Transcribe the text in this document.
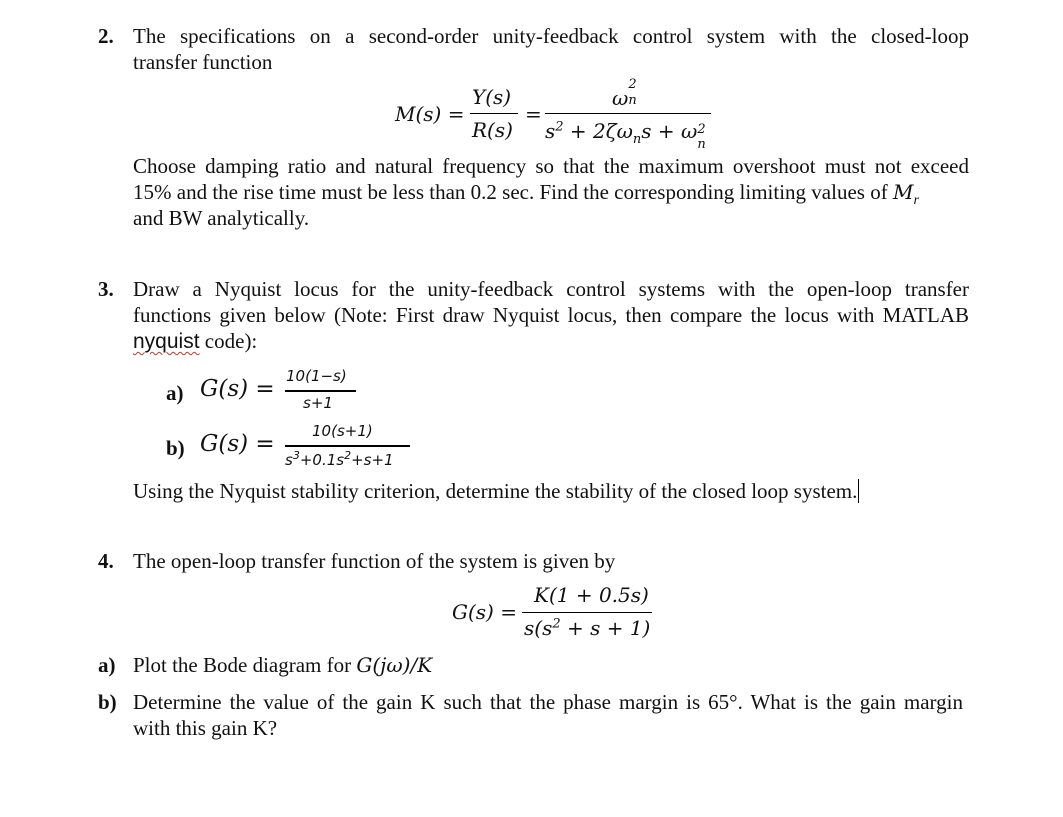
2. The specifications on a second-order unity-feedback control system with the closed-loop
transfer function
M(s) =
Y(s)
R(s)
=
ω
2
n
$s^2 + 2\zeta\omega_ns + \omega$ 2
n
Choose damping ratio and natural frequency so that the maximum overshoot must not exceed
15% and the rise time must be less than 0.2 sec. Find the corresponding limiting values of $M_r$
and BW analytically.
3. Draw a Nyquist locus for the unity-feedback control systems with the open-loop transfer
functions given below (Note: First draw Nyquist locus, then compare the locus with MATLAB
nyquist code):
a) G(s) = 10(1−s)
s+1
b) G(s) = 10(s+1)
$s^3+0.1s^2+s+1$
Using the Nyquist stability criterion, determine the stability of the closed loop system.
4. The open-loop transfer function of the system is given by
G(s) =
K(1 + 0.5s)
$s(s^2 + s + 1)$
a) Plot the Bode diagram for G(jω)/K
b) Determine the value of the gain K such that the phase margin is 65°. What is the gain margin
with this gain K?
